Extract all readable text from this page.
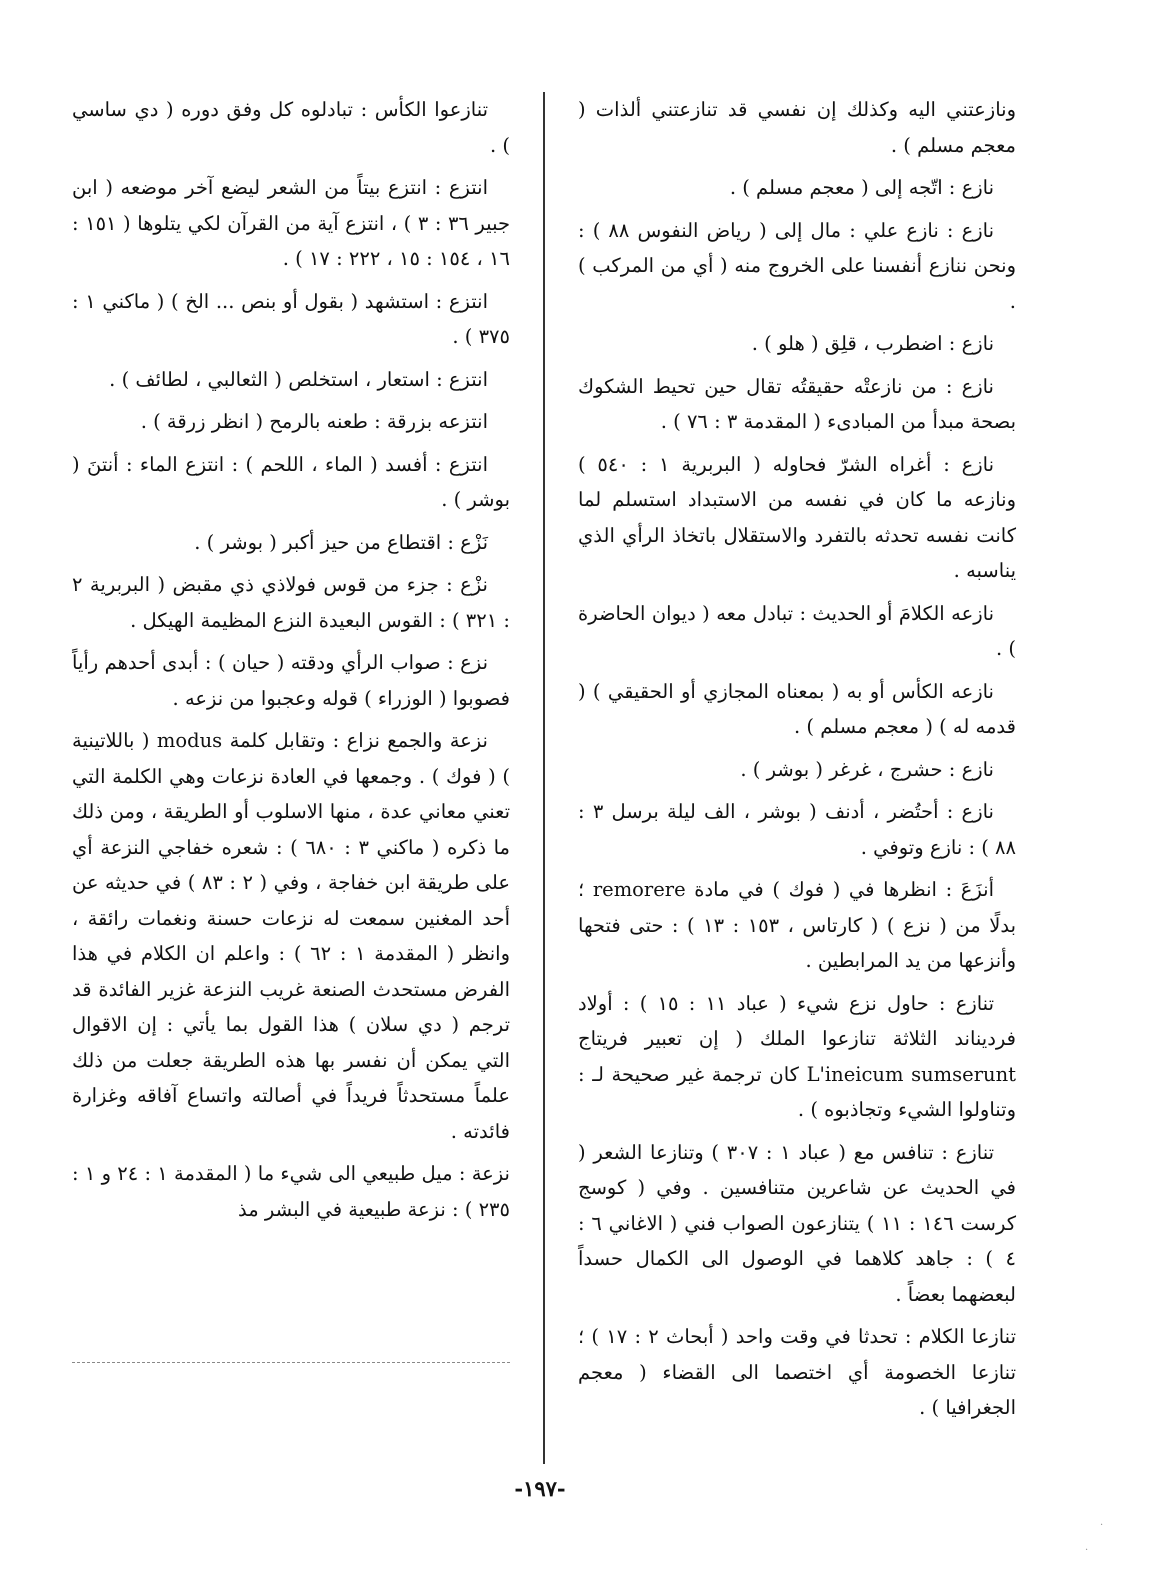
ونازعتني اليه وكذلك إن نفسي قد تنازعتني ألذات ( معجم مسلم ) .

نازع : اتّجه إلى ( معجم مسلم ) .

نازع : نازع علي : مال إلى ( رياض النفوس ٨٨ ) : ونحن ننازع أنفسنا على الخروج منه ( أي من المركب ) .

نازع : اضطرب ، قلِق ( هلو ) .

نازع : من نازعتْه حقيقتُه تقال حين تحيط الشكوك بصحة مبدأ من المبادىء ( المقدمة ٣ : ٧٦ ) .

نازع : أغراه الشرّ فحاوله ( البربرية ١ : ٥٤٠ ) ونازعه ما كان في نفسه من الاستبداد استسلم لما كانت نفسه تحدثه بالتفرد والاستقلال باتخاذ الرأي الذي يناسبه .

نازعه الكلامَ أو الحديث : تبادل معه ( ديوان الحاضرة ) .

نازعه الكأس أو به ( بمعناه المجازي أو الحقيقي ) ( قدمه له ) ( معجم مسلم ) .

نازع : حشرج ، غرغر ( بوشر ) .

نازع : أحتُضر ، أدنف ( بوشر ، الف ليلة برسل ٣ : ٨٨ ) : نازع وتوفي .

أنزَعَ : انظرها في ( فوك ) في مادة remorere ؛ بدلًا من ( نزع ) ( كارتاس ، ١٥٣ : ١٣ ) : حتى فتحها وأنزعها من يد المرابطين .

تنازع : حاول نزع شيء ( عباد ١١ : ١٥ ) : أولاد فرديناند الثلاثة تنازعوا الملك ( إن تعبير فريتاج L'ineicum sumserunt كان ترجمة غير صحيحة لـ : وتناولوا الشيء وتجاذبوه ) .

تنازع : تنافس مع ( عباد ١ : ٣٠٧ ) وتنازعا الشعر ( في الحديث عن شاعرين متنافسين . وفي ( كوسج كرست ١٤٦ : ١١ ) يتنازعون الصواب فني ( الاغاني ٦ : ٤ ) : جاهد كلاهما في الوصول الى الكمال حسداً لبعضهما بعضاً .

تنازعا الكلام : تحدثا في وقت واحد ( أبحاث ٢ : ١٧ ) ؛ تنازعا الخصومة أي اختصما الى القضاء ( معجم الجغرافيا ) .

تنازعوا الكأس : تبادلوه كل وفق دوره ( دي ساسي ) .

انتزع : انتزع بيتاً من الشعر ليضع آخر موضعه ( ابن جبير ٣٦ : ٣ ) ، انتزع آية من القرآن لكي يتلوها ( ١٥١ : ١٦ ، ١٥٤ : ١٥ ، ٢٢٢ : ١٧ ) .

انتزع : استشهد ( بقول أو بنص ... الخ ) ( ماكني ١ : ٣٧٥ ) .

انتزع : استعار ، استخلص ( الثعالبي ، لطائف ) .

انتزعه بزرقة : طعنه بالرمح ( انظر زرقة ) .

انتزع : أفسد ( الماء ، اللحم ) : انتزع الماء : أنتنَ ( بوشر ) .

نَزْع : اقتطاع من حيز أكبر ( بوشر ) .

نزْع : جزء من قوس فولاذي ذي مقبض ( البربرية ٢ : ٣٢١ ) : القوس البعيدة النزع المظيمة الهيكل .

نزع : صواب الرأي ودقته ( حيان ) : أبدى أحدهم رأياً فصوبوا ( الوزراء ) قوله وعجبوا من نزعه .

نزعة والجمع نزاع : وتقابل كلمة modus ( باللاتينية ) ( فوك ) . وجمعها في العادة نزعات وهي الكلمة التي تعني معاني عدة ، منها الاسلوب أو الطريقة ، ومن ذلك ما ذكره ( ماكني ٣ : ٦٨٠ ) : شعره خفاجي النزعة أي على طريقة ابن خفاجة ، وفي ( ٢ : ٨٣ ) في حديثه عن أحد المغنين سمعت له نزعات حسنة ونغمات رائقة ، وانظر ( المقدمة ١ : ٦٢ ) : واعلم ان الكلام في هذا الفرض مستحدث الصنعة غريب النزعة غزير الفائدة قد ترجم ( دي سلان ) هذا القول بما يأتي : إن الاقوال التي يمكن أن نفسر بها هذه الطريقة جعلت من ذلك علماً مستحدثاً فريداً في أصالته واتساع آفاقه وغزارة فائدته .

نزعة : ميل طبيعي الى شيء ما ( المقدمة ١ : ٢٤ و ١ : ٢٣٥ ) : نزعة طبيعية في البشر مذ

-١٩٧-
·
·
